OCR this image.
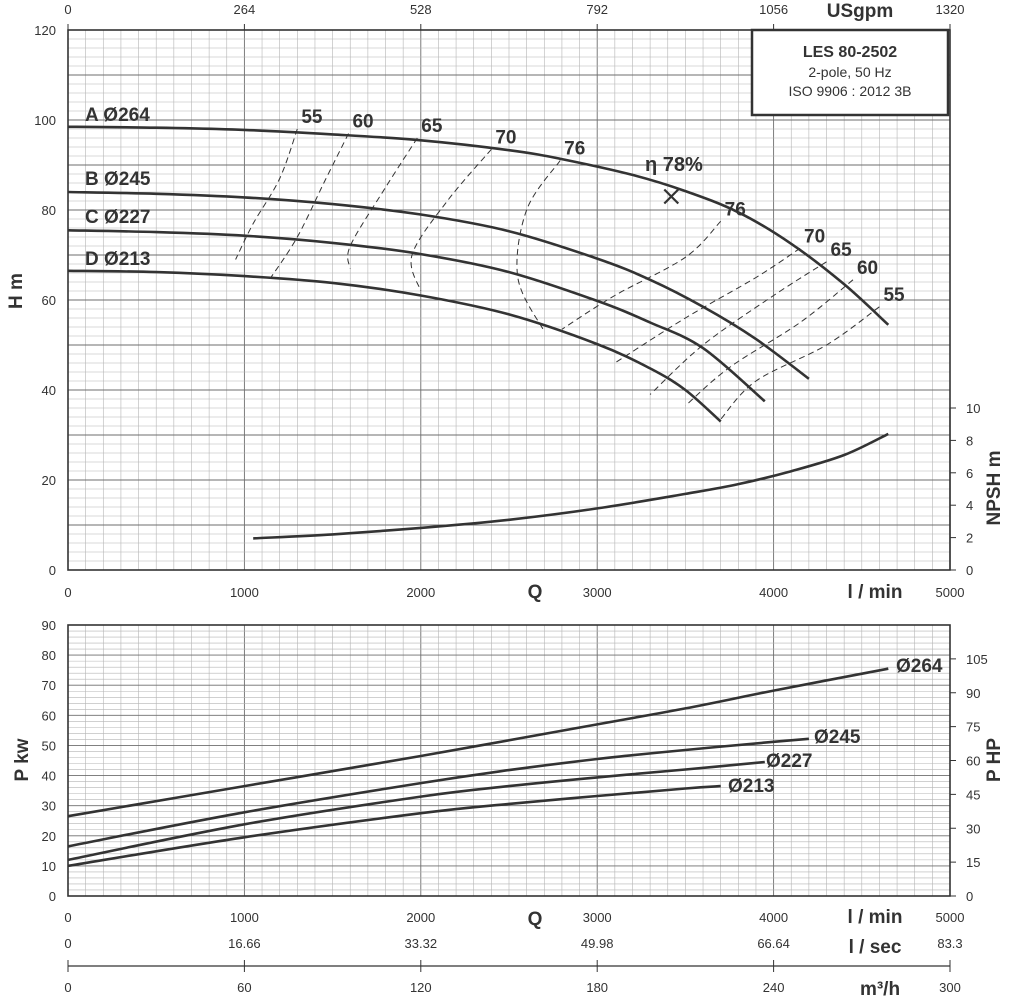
55 60	65
70
76
76
70
65
60
55
0	1000	2000	3000	4000	5000
0
20
40
60
80
100
120
0	264	528	792	1056	1320
0
2
4
6
8
10
0	1000	2000	3000	4000	5000
0
10
20
30
40
50
60
70
80
90
0
15
30
45
60
75
90
105
0	16.66	33.32	49.98	66.64	83.3
0	60	120	180	240	300
H m
NPSH m
P kw	P HP
Q	l / min
Q	l / min
l / sec
m³/h
USgpm
LES 80-2502
2-pole, 50 Hz
ISO 9906 : 2012 3B
A Ø264
B Ø245
C Ø227
D Ø213
η 78%
Ø264
Ø245
Ø227
Ø213
